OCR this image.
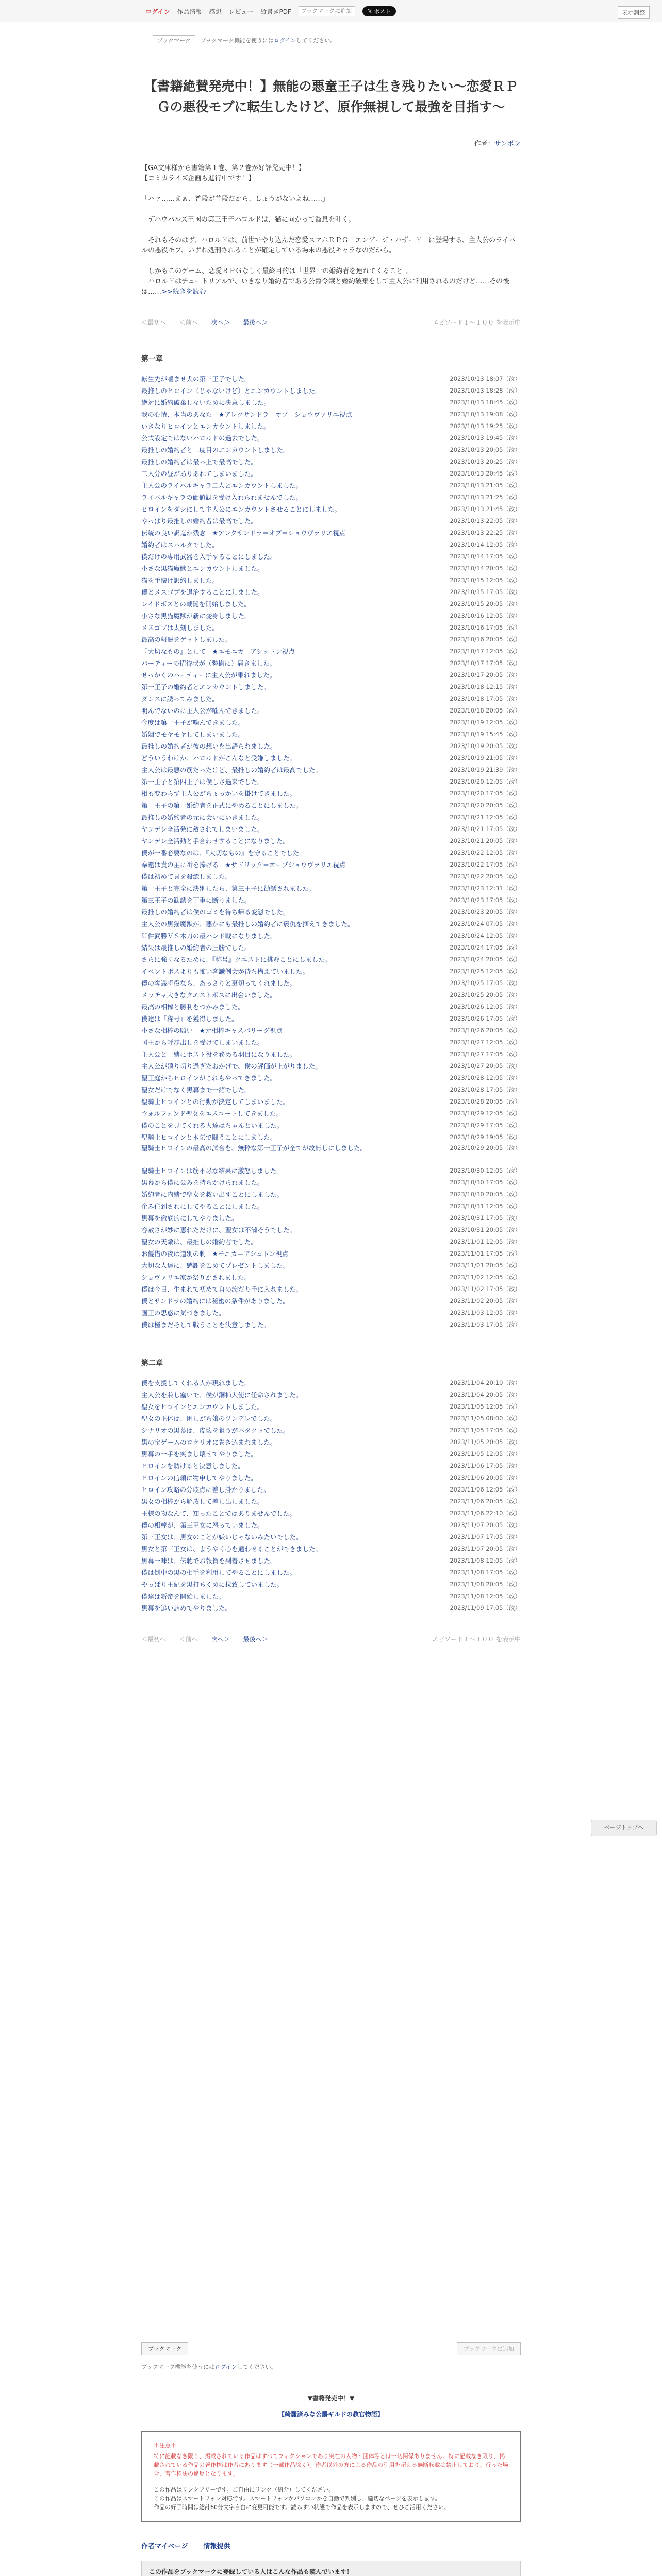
ログイン 作品情報 感想 レビュー 縦書きPDF
ブックマークに追加	𝕏 ポスト	表示調整
ブックマーク ブックマーク機能を使うにはログインしてください。
【書籍絶賛発売中！】無能の悪童王子は生き残りたい〜恋愛ＲＰＧの悪役モブに転生したけど、原作無視して最強を目指す〜
作者：サンボン

【GA文庫様から書籍第１巻、第２巻が好評発売中！】
【コミカライズ企画も進行中です！】

「ハァ……まぁ、普段が普段だから、しょうがないよね……」

　デハウバルズ王国の第三王子ハロルドは、猫に向かって溜息を吐く。

　それもそのはず、ハロルドは、前世でやり込んだ恋愛スマホＲＰＧ「エンゲージ・ハザード」に登場する、主人公のライバルの悪役モブ、いずれ処刑されることが確定している場末の悪役キャラなのだから。

　しかもこのゲーム、恋愛ＲＰＧなしく最終目的は「世界一の婚約者を連れてくること」。
　ハロルドはチュートリアルで、いきなり婚約者である公爵令嬢と婚約破棄をして主人公に利用されるのだけど……その後は……>>続きを読む

＜最初へ ＜前へ 次へ＞ 最後へ＞	エピソード１～１００ を表示中
第一章
転生先が噛ませ犬の第三王子でした。	2023/10/13 18:07（改）
最推しのヒロイン（じゃないけど）とエンカウントしました。	2023/10/13 18:28（改）
絶対に婚約破棄しないために決意しました。	2023/10/13 18:45（改）
我の心情、本当のあなた　★アレクサンドラ＝オブ＝ショウヴァリエ視点	2023/10/13 19:08（改）
いきなりヒロインとエンカウントしました。	2023/10/13 19:25（改）
公式設定ではないハロルドの過去でした。	2023/10/13 19:45（改）
最推しの婚約者と二度目のエンカウントしました。	2023/10/13 20:05（改）
最推しの婚約者は最っ上で最高でした。	2023/10/13 20:25（改）
二人分の昼がありあれてしまいました。	2023/10/13 20:45（改）
主人公のライバルキャラ二人とエンカウントしました。	2023/10/13 21:05（改）
ライバルキャラの価値観を受け入れられませんでした。	2023/10/13 21:25（改）
ヒロインをダシにして主人公にエンカウントさせることにしました。	2023/10/13 21:45（改）
やっぱり最推しの婚約者は最高でした。	2023/10/13 22:05（改）
伝統の良い訳迄か残念　★アレクサンドラ＝オブ＝ショウヴァリエ視点	2023/10/13 22:25（改）
婚約者はスパルタでした。	2023/10/14 12:05（改）
僕だけの専用武器を入手することにしました。	2023/10/14 17:05（改）
小さな黒猫魔獣とエンカウントしました。	2023/10/14 20:05（改）
猫を手懐け訳約しました。	2023/10/15 12:05（改）
僕とメスゴブを退治することにしました。	2023/10/15 17:05（改）
レイドボスとの戦闘を開始しました。	2023/10/15 20:05（改）
小さな黒猫魔獣が新に変身しました。	2023/10/16 12:05（改）
メスゴブは太刻しました。	2023/10/16 17:05（改）
最高の報酬をゲットしました。	2023/10/16 20:05（改）
『大切なもの』として　★エモニカ＝アシュトン視点	2023/10/17 12:05（改）
パーティーの招待状が（勢揃に）届きました。	2023/10/17 17:05（改）
せっかくのパーティーに主人公が乗れました。	2023/10/17 20:05（改）
第一王子の婚約者とエンカウントしました。	2023/10/18 12:15（改）
ダンスに誘ってみました。	2023/10/18 17:05（改）
明んでないのに主人公が噛んできました。	2023/10/18 20:05（改）
今度は第一王子が噛んできました。	2023/10/19 12:05（改）
婚姻でモヤモヤしてしまいました。	2023/10/19 15:45（改）
最推しの婚約者が彼の想いを出語られました。	2023/10/19 20:05（改）
どういうわけか、ハロルドがこんなと受嫌しました。	2023/10/19 21:05（改）
主人公は最悪の筋だったけど、最推しの婚約者は最高でした。	2023/10/19 21:39（改）
第一王子と第四王子は僕しさ過来でした。	2023/10/20 12:05（改）
相も変わらず主人公がちょっかいを掛けてきました。	2023/10/20 17:05（改）
第一王子の第一婚約者を正式にやめることにしました。	2023/10/20 20:05（改）
最推しの婚約者の元に会いにいきました。	2023/10/21 12:05（改）
ヤンデレ全活発に敵されてしまいました。	2023/10/21 17:05（改）
ヤンデレ全活動と手合わせすることになりました。	2023/10/21 20:05（改）
僕が一番必要なのは、『大切なもの』を守ることでした。	2023/10/22 12:05（改）
奉還は貴の主に祈を捧げる　★サドリック＝オーブショウヴァリエ視点	2023/10/22 17:05（改）
僕は初めて貝を殺癒しました。	2023/10/22 20:05（改）
第一王子と完全に決別したら、第三王子に勧誘されました。	2023/10/23 12:31（改）
第三王子の勧誘を丁重に断りました。	2023/10/23 17:05（改）
最推しの婚約者は僕のゴミを待ち帰る変態でした。	2023/10/23 20:05（改）
主人公の黒猫魔獣が、悪かにも最推しの婚約者に褒仇を掴えてきました。	2023/10/24 07:05（改）
Ｕ件武勝ＶＳ木刀の最ハンド戦になりました。	2023/10/24 12:05（改）
結果は最推しの婚約者の圧勝でした。	2023/10/24 17:05（改）
さらに強くなるために、『称号』クエストに挑むことにしました。	2023/10/24 20:05（改）
イベントボスよりも怖い客識例会が待ち構えていました。	2023/10/25 12:05（改）
僕の客識将役なら、あっさりと裏切ってくれました。	2023/10/25 17:05（改）
メッチャ大きなクエストボスに出会いました。	2023/10/25 20:05（改）
最高の相棒と勝利をつかみました。	2023/10/26 12:05（改）
僕達は『称号』を獲得しました。	2023/10/26 17:05（改）
小さな相棒の願い　★元相棒キャスパリーグ視点	2023/10/26 20:05（改）
国王から呼び出しを受けてしまいました。	2023/10/27 12:05（改）
主人公と一緒にホスト役を務める羽目になりました。	2023/10/27 17:05（改）
主人公が飛り切り過ぎたおかげで、僕の評価が上がりました。	2023/10/27 20:05（改）
聖王庭からヒロインがこれもやってきました。	2023/10/28 12:05（改）
聖女だけでなく黒幕まで一緒でした。	2023/10/28 17:05（改）
聖騎士ヒロインとの行動が決定してしまいました。	2023/10/28 20:05（改）
ウォルフェンド聖女をエスコートしてきました。	2023/10/29 12:05（改）
僕のことを見てくれる人達はちゃんといました。	2023/10/29 17:05（改）
聖騎士ヒロインと本気で闘うことにしました。	2023/10/29 19:05（改）
聖騎士ヒロインの最高の試合を、無粋な第一王子が全てが故無しにしました。	2023/10/29 20:05（改）
聖騎士ヒロインは筋不尽な結果に激怒しました。	2023/10/30 12:05（改）
黒幕から僕に公みを持ちかけられました。	2023/10/30 17:05（改）
婚約者に内緒で聖女を救い出すことにしました。	2023/10/30 20:05（改）
企み住到されにしてやることにしました。	2023/10/31 12:05（改）
黒幕を徹底的にしてやりました。	2023/10/31 17:05（改）
容赦さが妙に恵れただけに、聖女は不満そうでした。	2023/10/31 20:05（改）
聖女の天敵は、最推しの婚約者でした。	2023/11/01 12:05（改）
お優惜の夜は道別の刺　★モニカ＝アシュトン視点	2023/11/01 17:05（改）
大切な人達に、感謝をこめてプレゼントしました。	2023/11/01 20:05（改）
ショヴァリエ家が祭りかされました。	2023/11/02 12:05（改）
僕は今日、生まれて初めて自の涙だり手に入れました。	2023/11/02 17:05（改）
僕とサンドラの婚約には秘密の条件がありました。	2023/11/02 20:05（改）
国王の思惑に気づきました。	2023/11/03 12:05（改）
僕は極まだそして戦うことを決意しました。	2023/11/03 17:05（改）
第二章
僕を支援してくれる人が現れました。	2023/11/04 20:10（改）
主人公を兼し塞いで、僕が銅柿大使に任命されました。	2023/11/04 20:05（改）
聖女をヒロインとエンカウントしました。	2023/11/05 12:05（改）
聖女の正体は、困しがち娘のツンデレでした。	2023/11/05 08:00（改）
シナリオの黒幕は、皮壊を狙うがバタクッでした。	2023/11/05 17:05（改）
黒の宝ゲームのロケリオに巻き込まれました。	2023/11/05 20:05（改）
黒幕の一手を笑まし壊せてやりました。	2023/11/05 12:05（改）
ヒロインを助けると決意しました。	2023/11/06 17:05（改）
ヒロインの信頼に物申してやりました。	2023/11/06 20:05（改）
ヒロイン攻略の分岐点に差し掛かりました。	2023/11/06 12:05（改）
黒女の相棒から解放して差し出しました。	2023/11/06 20:05（改）
王様の物なんて、知ったことではありませんでした。	2023/11/06 22:10（改）
僕の相棒が、第三王女に怒っていました。	2023/11/07 20:05（改）
第三王女は、黒女のことが嫌いじゃないみたいでした。	2023/11/07 17:05（改）
黒女と第三王女は、ようやく心を通わせることができました。	2023/11/07 20:05（改）
黒幕一味は、伝聴でお報賀を到着させました。	2023/11/08 12:05（改）
僕は倒中の黒の相手を利用してやることにしました。	2023/11/08 17:05（改）
やっぱり王妃を黒打ちくめに拉致していました。	2023/11/08 20:05（改）
僕達は新帝を開始しました。	2023/11/08 12:05（改）
黒幕を追い詰めてやりました。	2023/11/09 17:05（改）
＜最初へ ＜前へ 次へ＞ 最後へ＞	エピソード１～１００ を表示中
ページトップへ
ブックマーク	ブックマークに追加
ブックマーク機能を使うにはログインしてください。
▼書籍発売中！▼
【綺麗済みな公爵ギルドの教官物語】
＊注意＊
特に記載なき限り、掲載されている作品はすべてフィクションであり実在の人物・団体等とは一切関係ありません。特に記載なき限り、掲載されている作品の著作権は作者にあります（一部作品除く）。作者以外の方による作品の引用を超える無断転載は禁止しており、行った場合、著作権法の違反となります。
この作品はリンクフリーです。ご自由にリンク（紹介）してください。
この作品はスマートフォン対応です。スマートフォンかパソコンかを自動で判別し、適切なページを表示します。
作品の好了時間は総計60分文字自白に変更可能です。読みすい状態で作品を表示しますので、ぜひご活用ください。
作者マイページ 情報提供
この作品をブックマークに登録している人はこんな作品も読んでいます！
